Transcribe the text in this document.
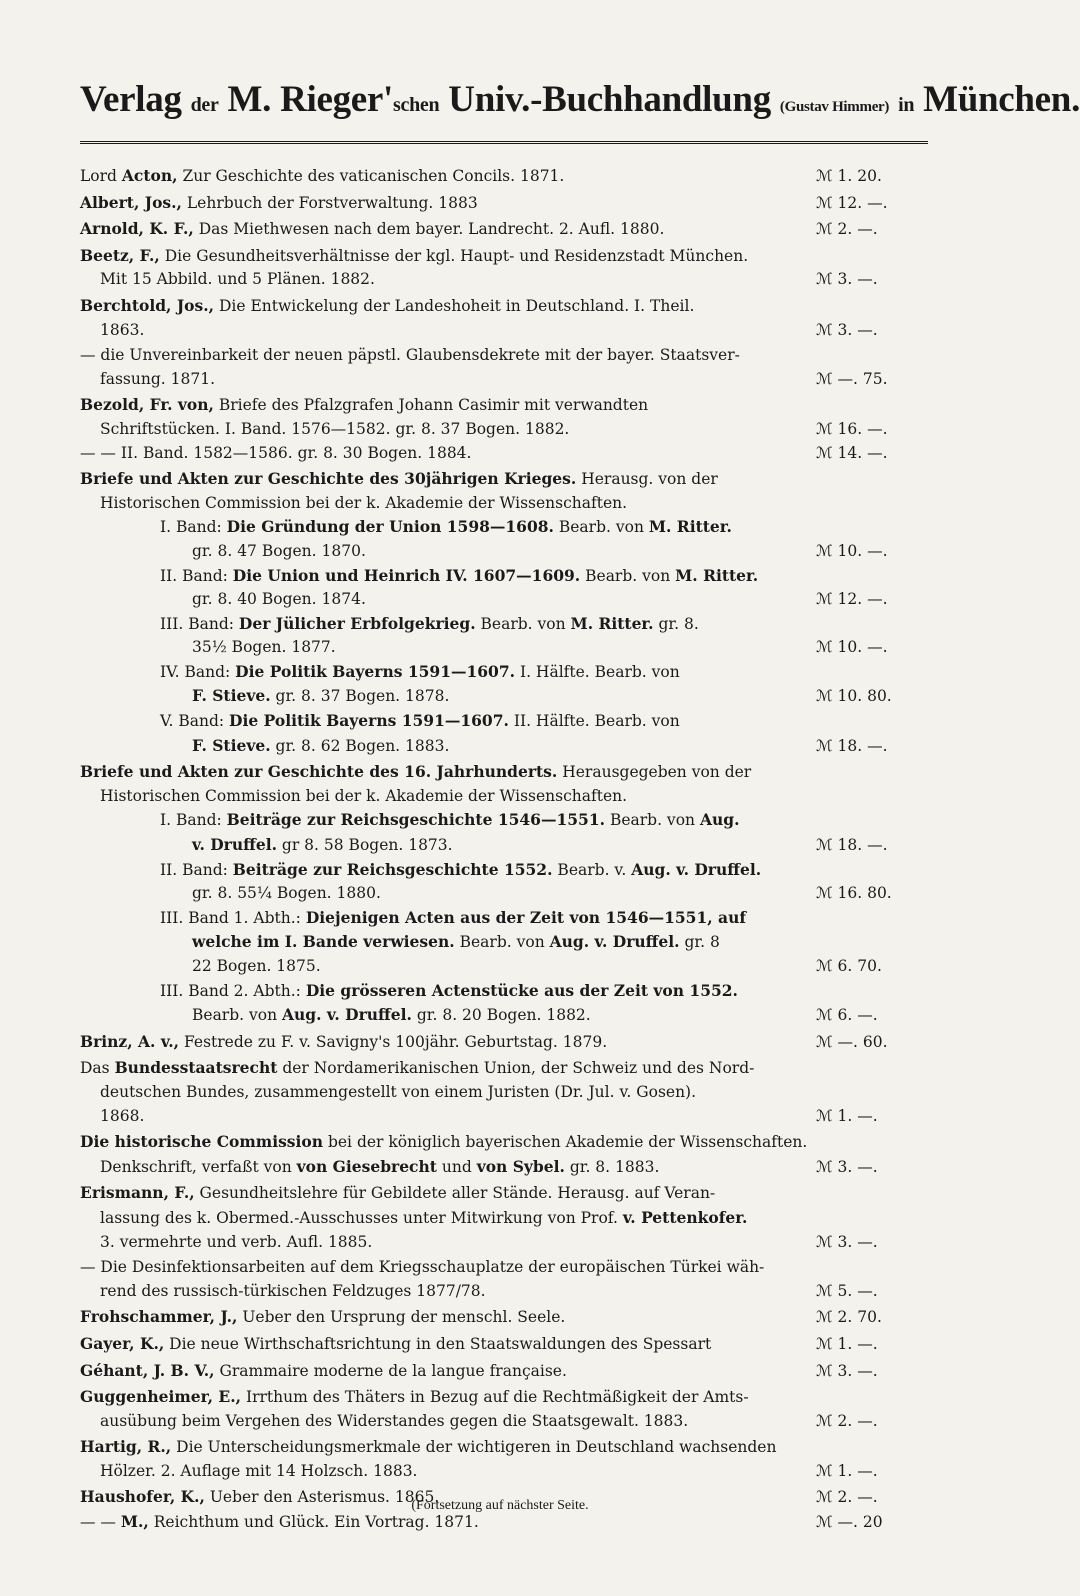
Verlag der M. Rieger'schen Univ.-Buchhandlung (Gustav Himmer) in München.
Lord Acton, Zur Geschichte des vaticanischen Concils. 1871.	ℳ 1. 20.
Albert, Jos., Lehrbuch der Forstverwaltung. 1883	ℳ 12. —.
Arnold, K. F., Das Miethwesen nach dem bayer. Landrecht. 2. Aufl. 1880.	ℳ 2. —.
Beetz, F., Die Gesundheitsverhältnisse der kgl. Haupt- und Residenzstadt München.
Mit 15 Abbild. und 5 Plänen. 1882.	ℳ 3. —.
Berchtold, Jos., Die Entwickelung der Landeshoheit in Deutschland. I. Theil.
1863.	ℳ 3. —.
— die Unvereinbarkeit der neuen päpstl. Glaubensdekrete mit der bayer. Staatsver-
fassung. 1871.	ℳ —. 75.
Bezold, Fr. von, Briefe des Pfalzgrafen Johann Casimir mit verwandten
Schriftstücken. I. Band. 1576—1582. gr. 8. 37 Bogen. 1882.	ℳ 16. —.
— — II. Band. 1582—1586. gr. 8. 30 Bogen. 1884.	ℳ 14. —.
Briefe und Akten zur Geschichte des 30jährigen Krieges. Herausg. von der
Historischen Commission bei der k. Akademie der Wissenschaften.
I. Band: Die Gründung der Union 1598—1608. Bearb. von M. Ritter.
gr. 8. 47 Bogen. 1870.	ℳ 10. —.
II. Band: Die Union und Heinrich IV. 1607—1609. Bearb. von M. Ritter.
gr. 8. 40 Bogen. 1874.	ℳ 12. —.
III. Band: Der Jülicher Erbfolgekrieg. Bearb. von M. Ritter. gr. 8.
35½ Bogen. 1877.	ℳ 10. —.
IV. Band: Die Politik Bayerns 1591—1607. I. Hälfte. Bearb. von
F. Stieve. gr. 8. 37 Bogen. 1878.	ℳ 10. 80.
V. Band: Die Politik Bayerns 1591—1607. II. Hälfte. Bearb. von
F. Stieve. gr. 8. 62 Bogen. 1883.	ℳ 18. —.
Briefe und Akten zur Geschichte des 16. Jahrhunderts. Herausgegeben von der
Historischen Commission bei der k. Akademie der Wissenschaften.
I. Band: Beiträge zur Reichsgeschichte 1546—1551. Bearb. von Aug.
v. Druffel. gr 8. 58 Bogen. 1873.	ℳ 18. —.
II. Band: Beiträge zur Reichsgeschichte 1552. Bearb. v. Aug. v. Druffel.
gr. 8. 55¼ Bogen. 1880.	ℳ 16. 80.
III. Band 1. Abth.: Diejenigen Acten aus der Zeit von 1546—1551, auf
welche im I. Bande verwiesen. Bearb. von Aug. v. Druffel. gr. 8
22 Bogen. 1875.	ℳ 6. 70.
III. Band 2. Abth.: Die grösseren Actenstücke aus der Zeit von 1552.
Bearb. von Aug. v. Druffel. gr. 8. 20 Bogen. 1882.	ℳ 6. —.
Brinz, A. v., Festrede zu F. v. Savigny's 100jähr. Geburtstag. 1879.	ℳ —. 60.
Das Bundesstaatsrecht der Nordamerikanischen Union, der Schweiz und des Nord-
deutschen Bundes, zusammengestellt von einem Juristen (Dr. Jul. v. Gosen).
1868.	ℳ 1. —.
Die historische Commission bei der königlich bayerischen Akademie der Wissenschaften.
Denkschrift, verfaßt von von Giesebrecht und von Sybel. gr. 8. 1883.	ℳ 3. —.
Erismann, F., Gesundheitslehre für Gebildete aller Stände. Herausg. auf Veran-
lassung des k. Obermed.-Ausschusses unter Mitwirkung von Prof. v. Pettenkofer.
3. vermehrte und verb. Aufl. 1885.	ℳ 3. —.
— Die Desinfektionsarbeiten auf dem Kriegsschauplatze der europäischen Türkei wäh-
rend des russisch-türkischen Feldzuges 1877/78.	ℳ 5. —.
Frohschammer, J., Ueber den Ursprung der menschl. Seele.	ℳ 2. 70.
Gayer, K., Die neue Wirthschaftsrichtung in den Staatswaldungen des Spessart	ℳ 1. —.
Géhant, J. B. V., Grammaire moderne de la langue française.	ℳ 3. —.
Guggenheimer, E., Irrthum des Thäters in Bezug auf die Rechtmäßigkeit der Amts-
ausübung beim Vergehen des Widerstandes gegen die Staatsgewalt. 1883.	ℳ 2. —.
Hartig, R., Die Unterscheidungsmerkmale der wichtigeren in Deutschland wachsenden
Hölzer. 2. Auflage mit 14 Holzsch. 1883.	ℳ 1. —.
Haushofer, K., Ueber den Asterismus. 1865.	ℳ 2. —.
— — M., Reichthum und Glück. Ein Vortrag. 1871.	ℳ —. 20
(Fortsetzung auf nächster Seite.
